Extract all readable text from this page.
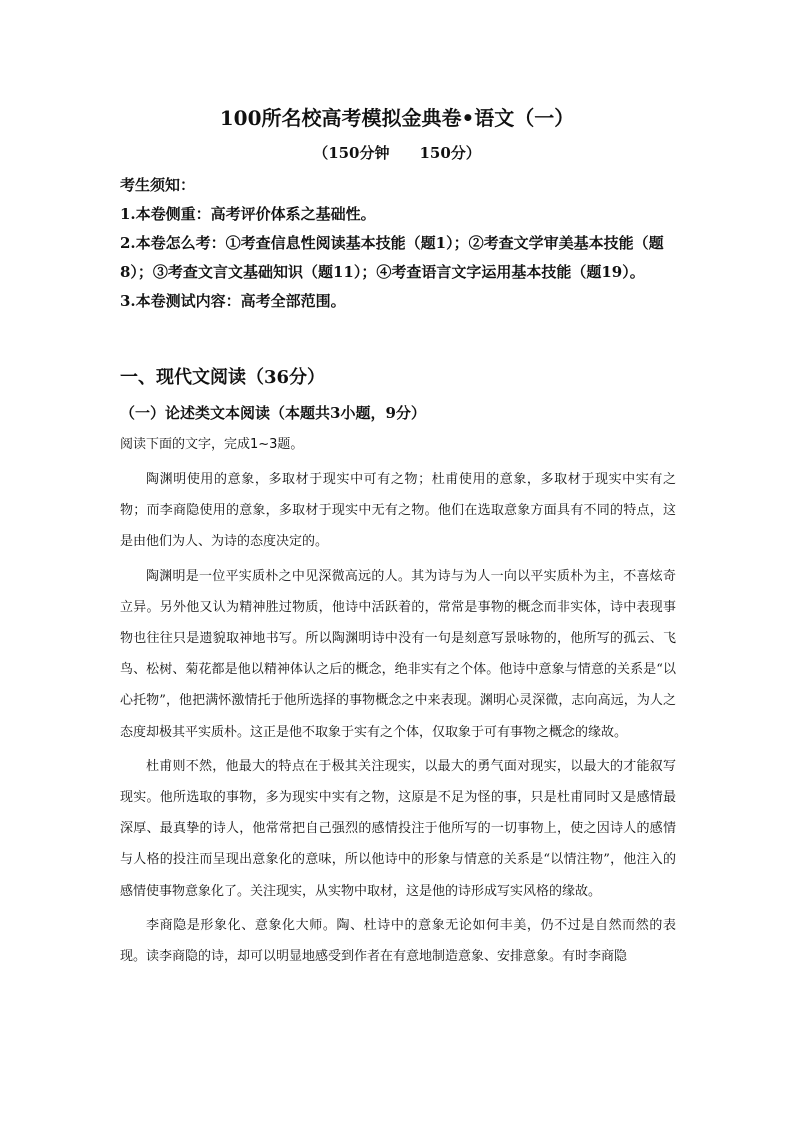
100所名校高考模拟金典卷•语文（一）
（150分钟　　150分）
考生须知：
1.本卷侧重：高考评价体系之基础性。
2.本卷怎么考：①考查信息性阅读基本技能（题1）；②考查文学审美基本技能（题8）；③考查文言文基础知识（题11）；④考查语言文字运用基本技能（题19）。
3.本卷测试内容：高考全部范围。
一、现代文阅读（36分）
（一）论述类文本阅读（本题共3小题，9分）
阅读下面的文字，完成1~3题。

陶渊明使用的意象，多取材于现实中可有之物；杜甫使用的意象，多取材于现实中实有之物；而李商隐使用的意象，多取材于现实中无有之物。他们在选取意象方面具有不同的特点，这是由他们为人、为诗的态度决定的。

陶渊明是一位平实质朴之中见深微高远的人。其为诗与为人一向以平实质朴为主，不喜炫奇立异。另外他又认为精神胜过物质，他诗中活跃着的，常常是事物的概念而非实体，诗中表现事物也往往只是遗貌取神地书写。所以陶渊明诗中没有一句是刻意写景咏物的，他所写的孤云、飞鸟、松树、菊花都是他以精神体认之后的概念，绝非实有之个体。他诗中意象与情意的关系是“以心托物”，他把满怀激情托于他所选择的事物概念之中来表现。渊明心灵深微，志向高远，为人之态度却极其平实质朴。这正是他不取象于实有之个体，仅取象于可有事物之概念的缘故。

杜甫则不然，他最大的特点在于极其关注现实，以最大的勇气面对现实，以最大的才能叙写现实。他所选取的事物，多为现实中实有之物，这原是不足为怪的事，只是杜甫同时又是感情最深厚、最真挚的诗人，他常常把自己强烈的感情投注于他所写的一切事物上，使之因诗人的感情与人格的投注而呈现出意象化的意味，所以他诗中的形象与情意的关系是“以情注物”，他注入的感情使事物意象化了。关注现实，从实物中取材，这是他的诗形成写实风格的缘故。

李商隐是形象化、意象化大师。陶、杜诗中的意象无论如何丰美，仍不过是自然而然的表现。读李商隐的诗，却可以明显地感受到作者在有意地制造意象、安排意象。有时李商隐
